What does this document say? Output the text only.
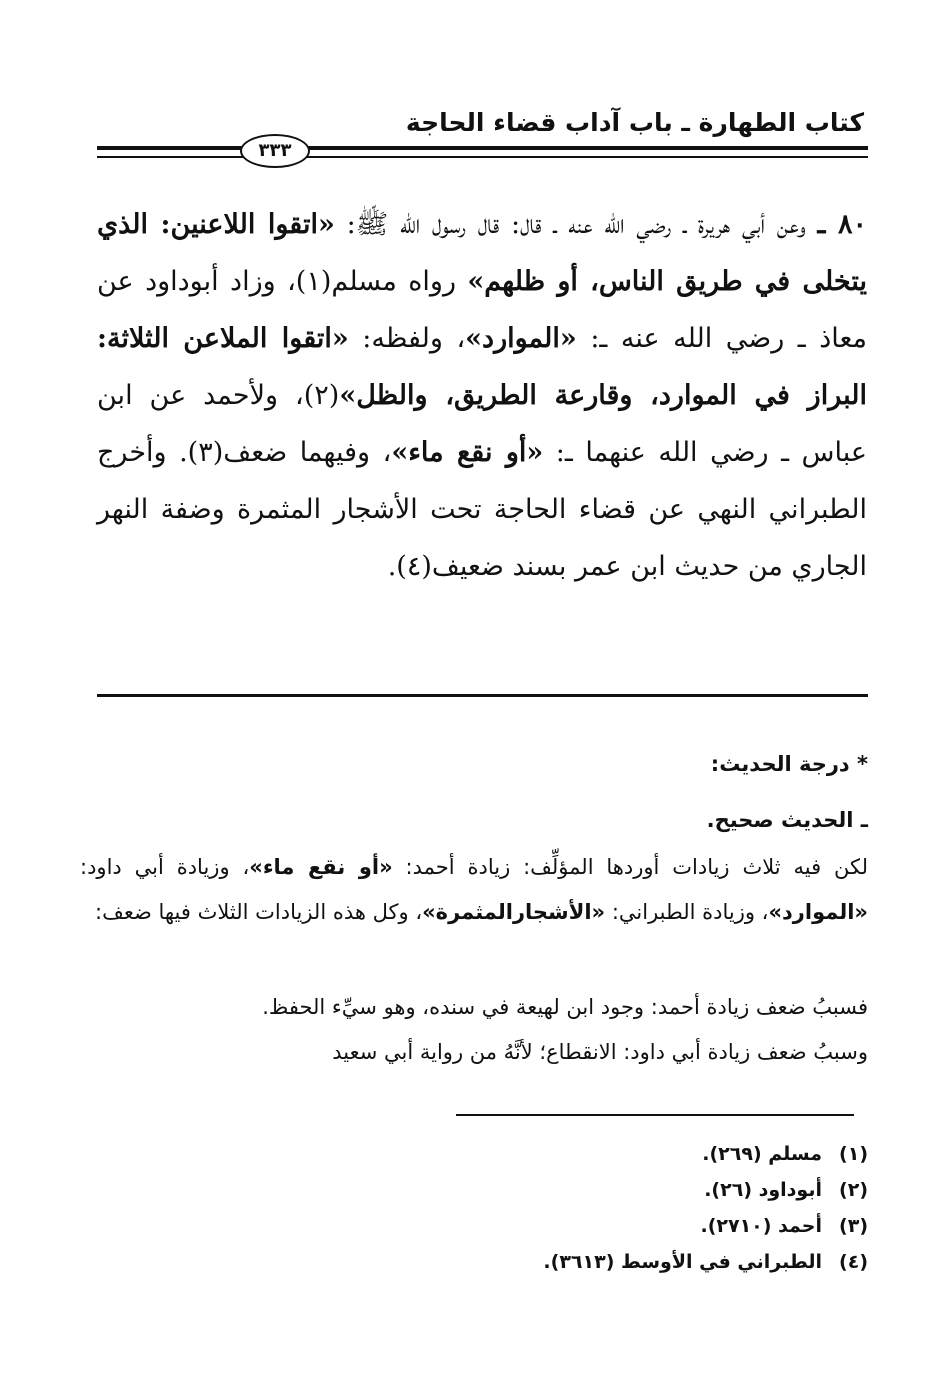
كتاب الطهارة ـ باب آداب قضاء الحاجة
٣٣٣
٨٠ ـ وعن أبي هريرة ـ رضي الله عنه ـ قال: قال رسول الله ﷺ: «اتقوا اللاعنين: الذي يتخلى في طريق الناس، أو ظلهم» رواه مسلم(١)، وزاد أبوداود عن معاذ ـ رضي الله عنه ـ: «الموارد»، ولفظه: «اتقوا الملاعن الثلاثة: البراز في الموارد، وقارعة الطريق، والظل»(٢)، ولأحمد عن ابن عباس ـ رضي الله عنهما ـ: «أو نقع ماء»، وفيهما ضعف(٣). وأخرج الطبراني النهي عن قضاء الحاجة تحت الأشجار المثمرة وضفة النهر الجاري من حديث ابن عمر بسند ضعيف(٤).
* درجة الحديث:
ـ الحديث صحيح.
لكن فيه ثلاث زيادات أوردها المؤلِّف: زيادة أحمد: «أو نقع ماء»، وزيادة أبي داود: «الموارد»، وزيادة الطبراني: «الأشجارالمثمرة»، وكل هذه الزيادات الثلاث فيها ضعف:
فسببُ ضعف زيادة أحمد: وجود ابن لهيعة في سنده، وهو سيِّء الحفظ.
وسببُ ضعف زيادة أبي داود: الانقطاع؛ لأنَّهُ من رواية أبي سعيد
(١)مسلم (٢٦٩).
(٢)أبوداود (٢٦).
(٣)أحمد (٢٧١٠).
(٤)الطبراني في الأوسط (٣٦١٣).
